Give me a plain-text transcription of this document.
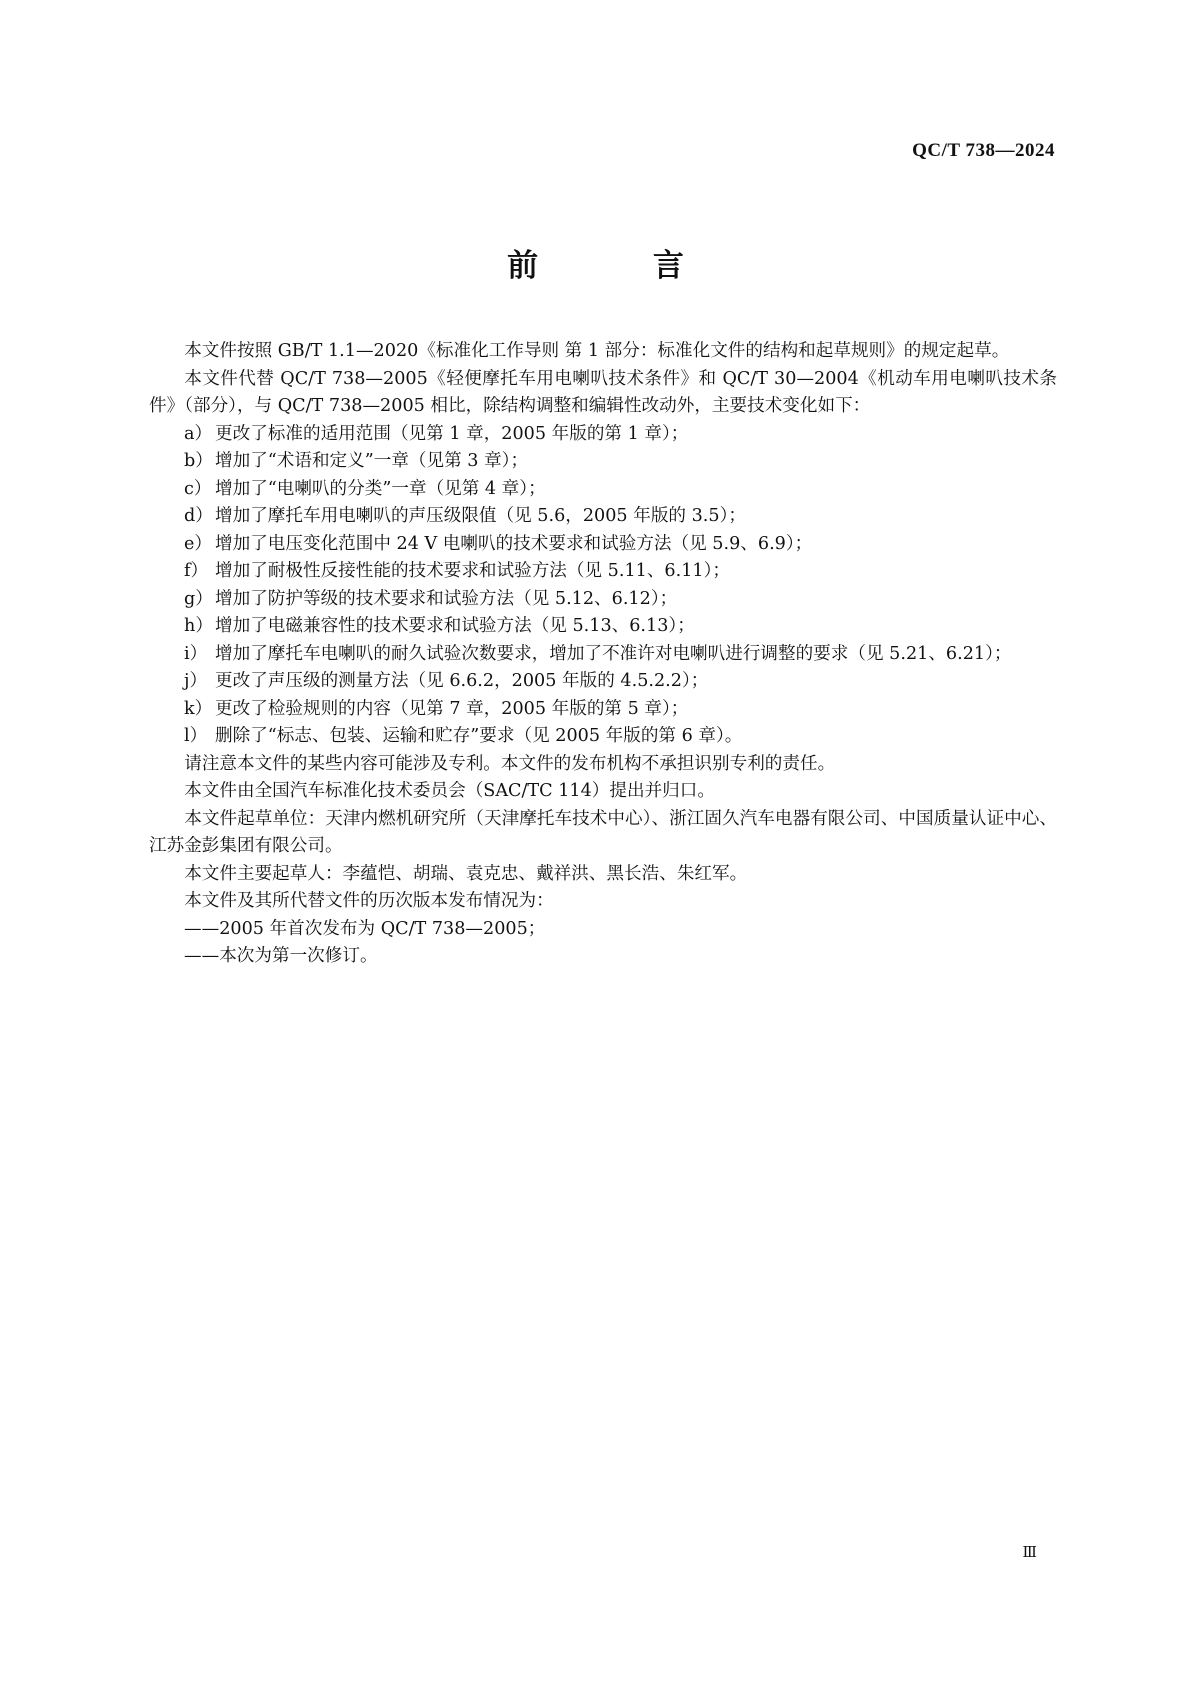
QC/T 738—2024
前 言

本文件按照 GB/T 1.1—2020《标准化工作导则 第 1 部分：标准化文件的结构和起草规则》的规定起草。

本文件代替 QC/T 738—2005《轻便摩托车用电喇叭技术条件》和 QC/T 30—2004《机动车用电喇叭技术条件》（部分），与 QC/T 738—2005 相比，除结构调整和编辑性改动外，主要技术变化如下：

a） 更改了标准的适用范围（见第 1 章，2005 年版的第 1 章）；
b） 增加了“术语和定义”一章（见第 3 章）；
c） 增加了“电喇叭的分类”一章（见第 4 章）；
d） 增加了摩托车用电喇叭的声压级限值（见 5.6，2005 年版的 3.5）；
e） 增加了电压变化范围中 24 V 电喇叭的技术要求和试验方法（见 5.9、6.9）；
f） 增加了耐极性反接性能的技术要求和试验方法（见 5.11、6.11）；
g） 增加了防护等级的技术要求和试验方法（见 5.12、6.12）；
h） 增加了电磁兼容性的技术要求和试验方法（见 5.13、6.13）；
i） 增加了摩托车电喇叭的耐久试验次数要求，增加了不准许对电喇叭进行调整的要求（见 5.21、6.21）；
j） 更改了声压级的测量方法（见 6.6.2，2005 年版的 4.5.2.2）；
k） 更改了检验规则的内容（见第 7 章，2005 年版的第 5 章）；
l） 删除了“标志、包装、运输和贮存”要求（见 2005 年版的第 6 章）。

请注意本文件的某些内容可能涉及专利。本文件的发布机构不承担识别专利的责任。

本文件由全国汽车标准化技术委员会（SAC/TC 114）提出并归口。

本文件起草单位：天津内燃机研究所（天津摩托车技术中心）、浙江固久汽车电器有限公司、中国质量认证中心、江苏金彭集团有限公司。

本文件主要起草人：李蕴恺、胡瑞、袁克忠、戴祥洪、黑长浩、朱红军。

本文件及其所代替文件的历次版本发布情况为：

——2005 年首次发布为 QC/T 738—2005；

——本次为第一次修订。

Ⅲ
